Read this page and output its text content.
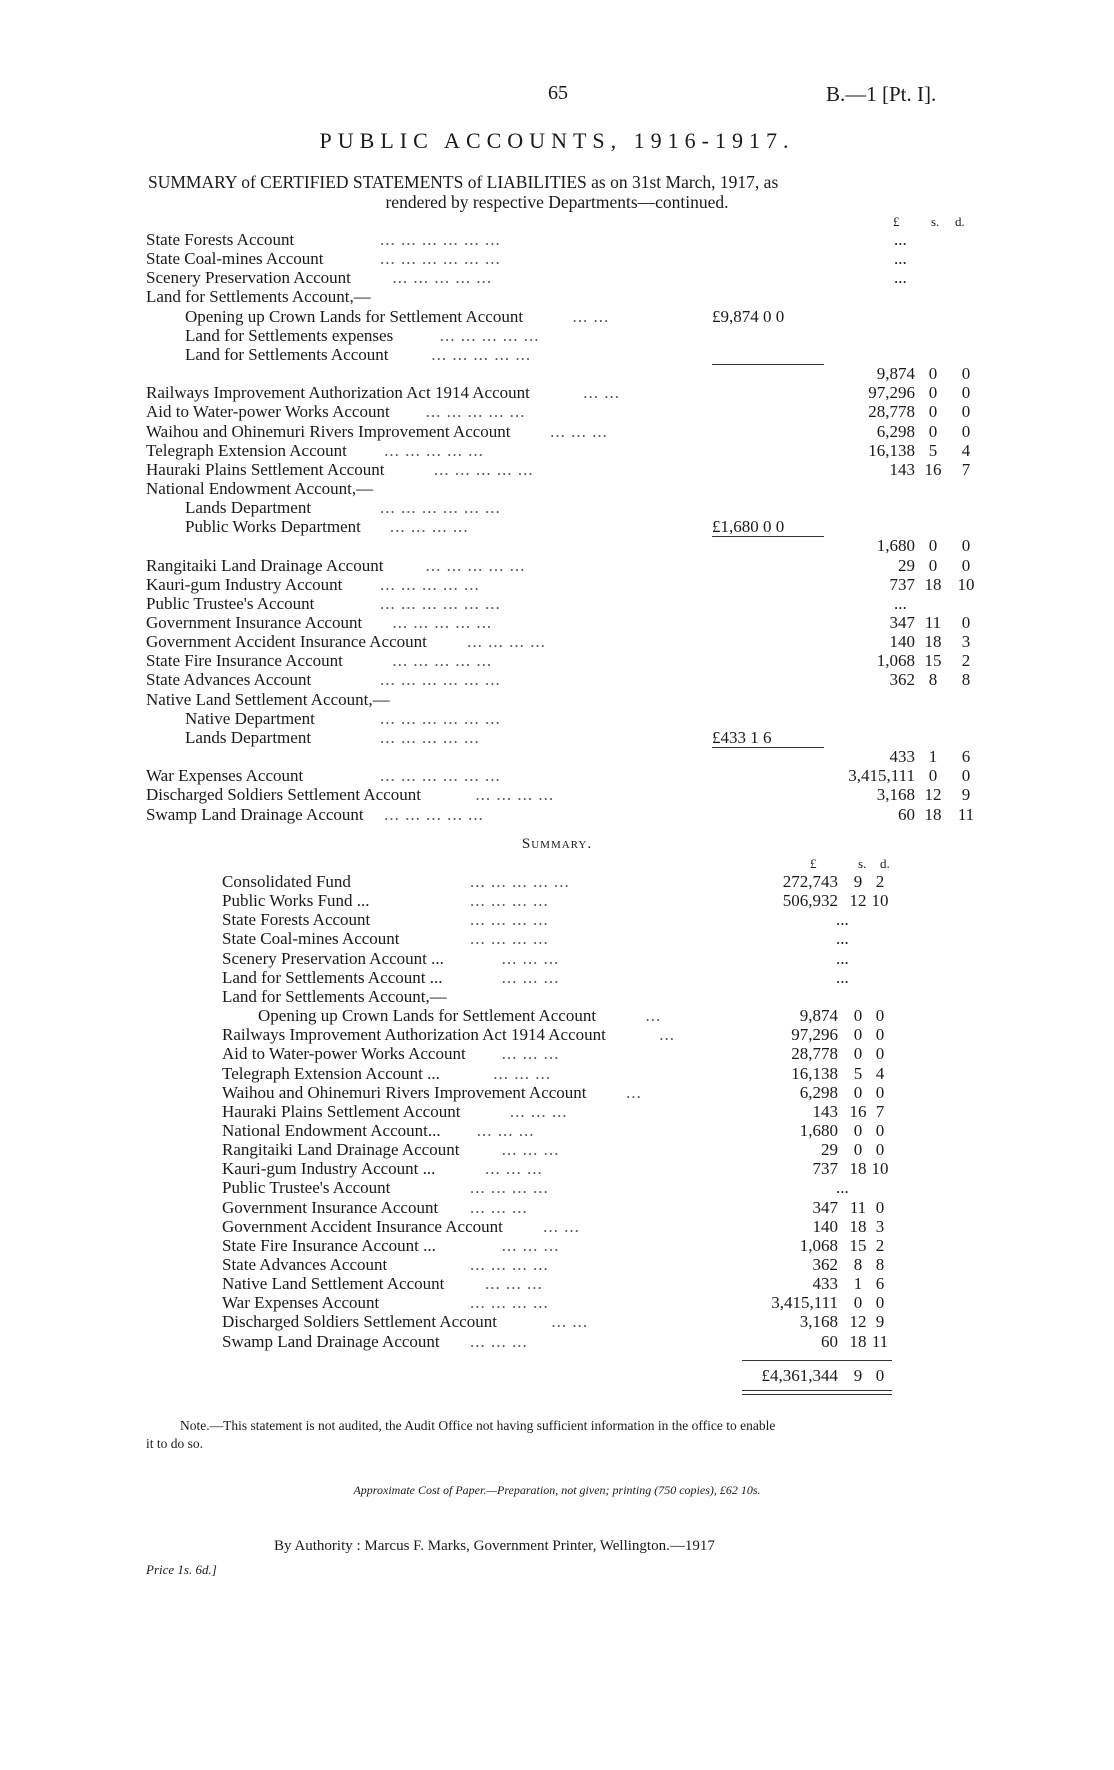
65	B.—1 [Pt. I].
PUBLIC ACCOUNTS, 1916-1917.
SUMMARY of CERTIFIED STATEMENTS of LIABILITIES as on 31st March, 1917, as
rendered by respective Departments—continued.
£ s. d.
State Forests Account	... ... ... ... ... ...	...
State Coal-mines Account	... ... ... ... ... ...	...
Scenery Preservation Account ... ... ... ... ...	...
Land for Settlements Account,—
Opening up Crown Lands for Settlement Account	... ...	£9,874 0 0
Land for Settlements expenses	... ... ... ... ...
Land for Settlements Account	... ... ... ... ...
9,874 0	0
Railways Improvement Authorization Act 1914 Account	... ...	97,296 0	0
Aid to Water-power Works Account ... ... ... ... ...	28,778 0	0
Waihou and Ohinemuri Rivers Improvement Account ... ... ...	6,298 0	0
Telegraph Extension Account ... ... ... ... ...	16,138 5	4
Hauraki Plains Settlement Account	... ... ... ... ...	143 16	7
National Endowment Account,—
Lands Department	... ... ... ... ... ...
Public Works Department ... ... ... ...	£1,680 0 0
1,680 0	0
Rangitaiki Land Drainage Account ... ... ... ... ...	29 0	0
Kauri-gum Industry Account ... ... ... ... ...	737 18 10
Public Trustee's Account	... ... ... ... ... ...	...
Government Insurance Account ... ... ... ... ...	347 11	0
Government Accident Insurance Account ... ... ... ...	140 18	3
State Fire Insurance Account	... ... ... ... ...	1,068 15	2
State Advances Account	... ... ... ... ... ...	362 8	8
Native Land Settlement Account,—
Native Department	... ... ... ... ... ...
Lands Department	... ... ... ... ...	£433 1 6
433 1	6
War Expenses Account	... ... ... ... ... ...	3,415,111 0	0
Discharged Soldiers Settlement Account	... ... ... ...	3,168 12	9
Swamp Land Drainage Account ... ... ... ... ...	60 18 11
Summary.
£	s. d.
Consolidated Fund	... ... ... ... ...	272,743 9 2
Public Works Fund ...	... ... ... ...	506,932 12 10
State Forests Account	... ... ... ...	...
State Coal-mines Account	... ... ... ...	...
Scenery Preservation Account ...	... ... ...	...
Land for Settlements Account ...	... ... ...	...
Land for Settlements Account,—
Opening up Crown Lands for Settlement Account	...	9,874 0 0
Railways Improvement Authorization Act 1914 Account	...	97,296 0 0
Aid to Water-power Works Account ... ... ...	28,778 0 0
Telegraph Extension Account ...	... ... ...	16,138 5 4
Waihou and Ohinemuri Rivers Improvement Account ...	6,298 0 0
Hauraki Plains Settlement Account	... ... ...	143 16 7
National Endowment Account... ... ... ...	1,680 0 0
Rangitaiki Land Drainage Account ... ... ...	29 0 0
Kauri-gum Industry Account ...	... ... ...	737 18 10
Public Trustee's Account	... ... ... ...	...
Government Insurance Account ... ... ...	347 11 0
Government Accident Insurance Account ... ...	140 18 3
State Fire Insurance Account ...	... ... ...	1,068 15 2
State Advances Account	... ... ... ...	362 8 8
Native Land Settlement Account ... ... ...	433 1 6
War Expenses Account	... ... ... ...	3,415,111 0 0
Discharged Soldiers Settlement Account	... ...	3,168 12 9
Swamp Land Drainage Account ... ... ...	60 18 11
£4,361,344 9 0
Note.—This statement is not audited, the Audit Office not having sufficient information in the office to enable
it to do so.
Approximate Cost of Paper.—Preparation, not given; printing (750 copies), £62 10s.
By Authority : Marcus F. Marks, Government Printer, Wellington.—1917
Price 1s. 6d.]
